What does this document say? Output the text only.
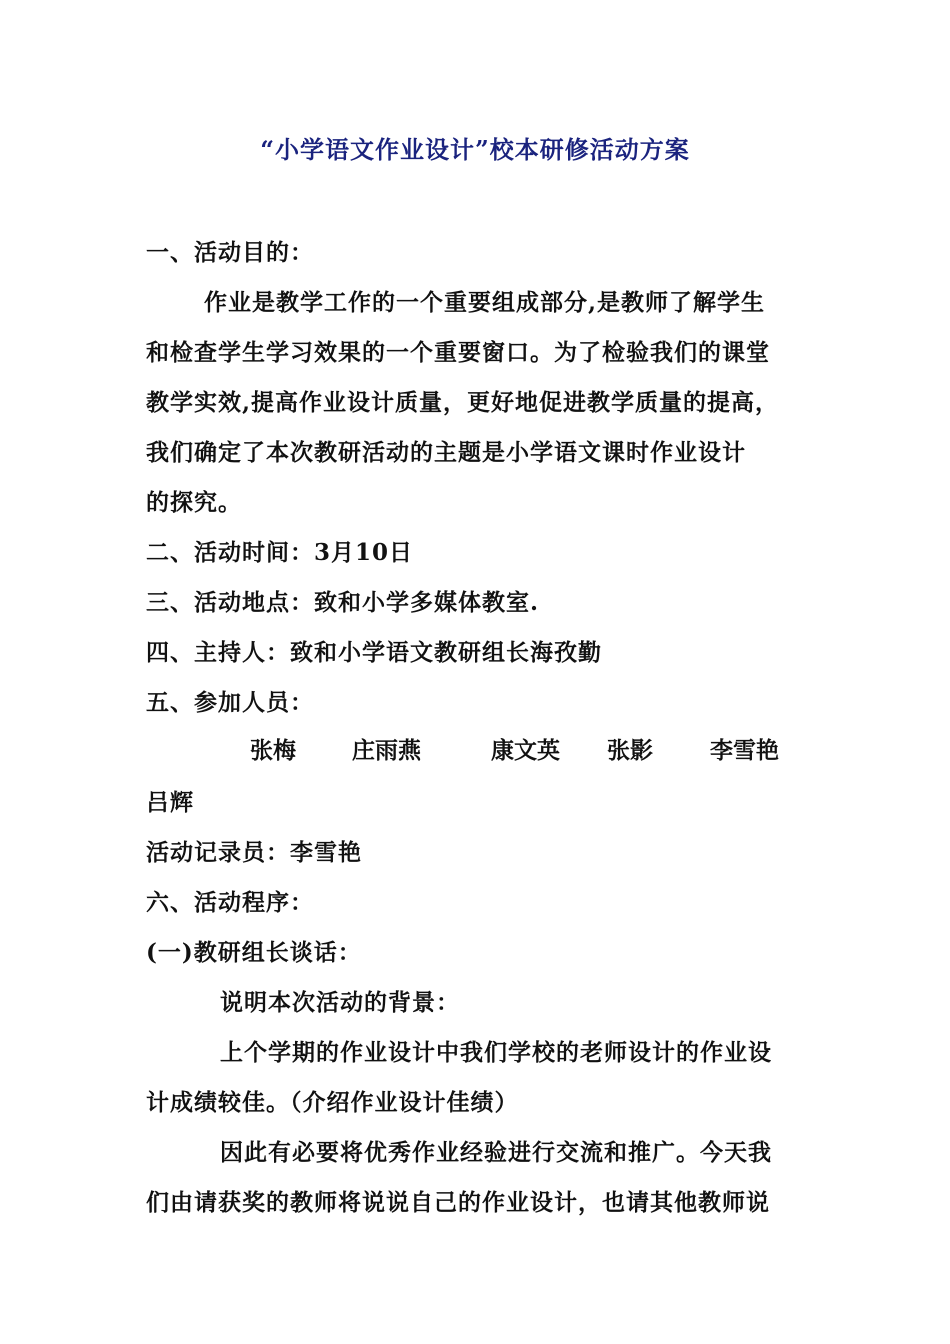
“小学语文作业设计”校本研修活动方案
一、活动目的：
作业是教学工作的一个重要组成部分,是教师了解学生
和检查学生学习效果的一个重要窗口。为了检验我们的课堂
教学实效,提高作业设计质量，更好地促进教学质量的提高，
我们确定了本次教研活动的主题是小学语文课时作业设计
的探究。
二、活动时间：3月10日
三、活动地点：致和小学多媒体教室.
四、主持人：致和小学语文教研组长海孜勤
五、参加人员：
张梅 庄雨燕	康文英 张影 李雪艳
吕辉
活动记录员：李雪艳
六、活动程序：
(一)教研组长谈话：
说明本次活动的背景：
上个学期的作业设计中我们学校的老师设计的作业设
计成绩较佳。（介绍作业设计佳绩）
因此有必要将优秀作业经验进行交流和推广。今天我
们由请获奖的教师将说说自己的作业设计，也请其他教师说
